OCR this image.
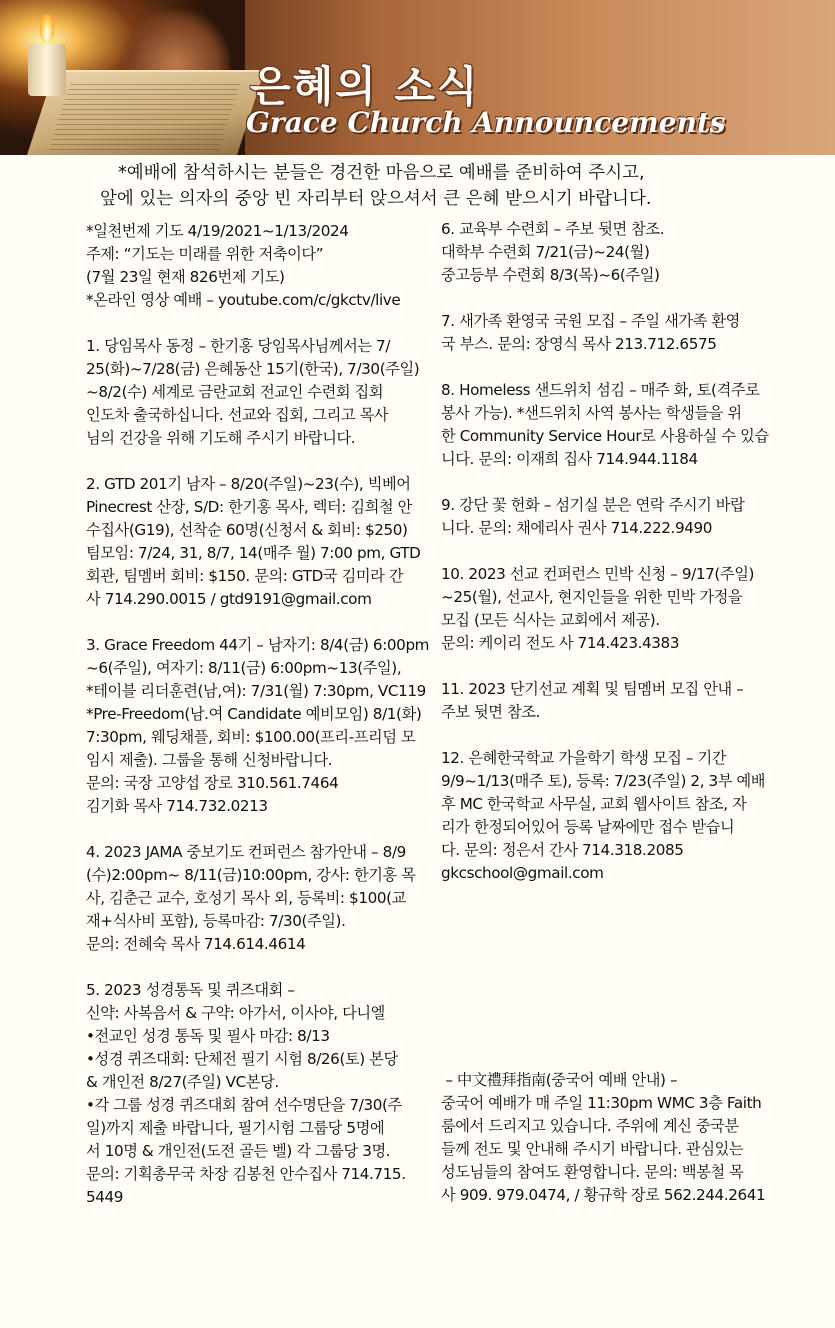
은혜의 소식
Grace Church Announcements

*예배에 참석하시는 분들은 경건한 마음으로 예배를 준비하여 주시고,

앞에 있는 의자의 중앙 빈 자리부터 앉으셔서 큰 은혜 받으시기 바랍니다.

*일천번제 기도 4/19/2021~1/13/2024

주제: “기도는 미래를 위한 저축이다”

(7월 23일 현재 826번제 기도)

*온라인 영상 예배 – youtube.com/c/gkctv/live

1. 당임목사 동정 – 한기홍 당임목사님께서는 7/

25(화)~7/28(금) 은혜동산 15기(한국), 7/30(주일)

~8/2(수) 세계로 금란교회 전교인 수련회 집회

인도차 출국하십니다. 선교와 집회, 그리고 목사

님의 건강을 위해 기도해 주시기 바랍니다.

2. GTD 201기 남자 – 8/20(주일)~23(수), 빅베어

Pinecrest 산장, S/D: 한기홍 목사, 렉터: 김희철 안

수집사(G19), 선착순 60명(신청서 & 회비: $250)

팀모임: 7/24, 31, 8/7, 14(매주 월) 7:00 pm, GTD

회관, 팀멤버 회비: $150. 문의: GTD국 김미라 간

사 714.290.0015 / gtd9191@gmail.com

3. Grace Freedom 44기 – 남자기: 8/4(금) 6:00pm

~6(주일), 여자기: 8/11(금) 6:00pm~13(주일),

*테이블 리더훈련(남,여): 7/31(월) 7:30pm, VC119

*Pre-Freedom(남.여 Candidate 예비모임) 8/1(화)

7:30pm, 웨딩채플, 회비: $100.00(프리-프리덤 모

임시 제출). 그룹을 통해 신청바랍니다.

문의: 국장 고양섭 장로 310.561.7464

김기화 목사 714.732.0213

4. 2023 JAMA 중보기도 컨퍼런스 참가안내 – 8/9

(수)2:00pm~ 8/11(금)10:00pm, 강사: 한기홍 목

사, 김춘근 교수, 호성기 목사 외, 등록비: $100(교

재+식사비 포함), 등록마감: 7/30(주일).

문의: 전혜숙 목사 714.614.4614

5. 2023 성경통독 및 퀴즈대회 –

신약: 사복음서 & 구약: 아가서, 이사야, 다니엘

•전교인 성경 통독 및 필사 마감: 8/13

•성경 퀴즈대회: 단체전 필기 시험 8/26(토) 본당

& 개인전 8/27(주일) VC본당.

•각 그룹 성경 퀴즈대회 참여 선수명단을 7/30(주

일)까지 제출 바랍니다, 필기시험 그룹당 5명에

서 10명 & 개인전(도전 골든 벨) 각 그룹당 3명.

문의: 기획총무국 차장 김봉천 안수집사 714.715.

5449

6. 교육부 수련회 – 주보 뒷면 참조.

대학부 수련회 7/21(금)~24(월)

중고등부 수련회 8/3(목)~6(주일)

7. 새가족 환영국 국원 모집 – 주일 새가족 환영

국 부스. 문의: 장영식 목사 213.712.6575

8. Homeless 샌드위치 섬김 – 매주 화, 토(격주로

봉사 가능). *샌드위치 사역 봉사는 학생들을 위

한 Community Service Hour로 사용하실 수 있습

니다. 문의: 이재희 집사 714.944.1184

9. 강단 꽃 헌화 – 섬기실 분은 연락 주시기 바랍

니다. 문의: 채에리사 권사 714.222.9490

10. 2023 선교 컨퍼런스 민박 신청 – 9/17(주일)

~25(월), 선교사, 현지인들을 위한 민박 가정을

모집 (모든 식사는 교회에서 제공).

문의: 케이리 전도 사 714.423.4383

11. 2023 단기선교 계획 및 팀멤버 모집 안내 –

주보 뒷면 참조.

12. 은혜한국학교 가을학기 학생 모집 – 기간

9/9~1/13(매주 토), 등록: 7/23(주일) 2, 3부 예배

후 MC 한국학교 사무실, 교회 웹사이트 참조, 자

리가 한정되어있어 등록 날짜에만 접수 받습니

다. 문의: 정은서 간사 714.318.2085

gkcschool@gmail.com

– 中文禮拜指南(중국어 예배 안내) –

중국어 예배가 매 주일 11:30pm WMC 3층 Faith

룸에서 드리지고 있습니다. 주위에 계신 중국분

들께 전도 및 안내해 주시기 바랍니다. 관심있는

성도님들의 참여도 환영합니다. 문의: 백봉철 목

사 909. 979.0474, / 황규학 장로 562.244.2641
